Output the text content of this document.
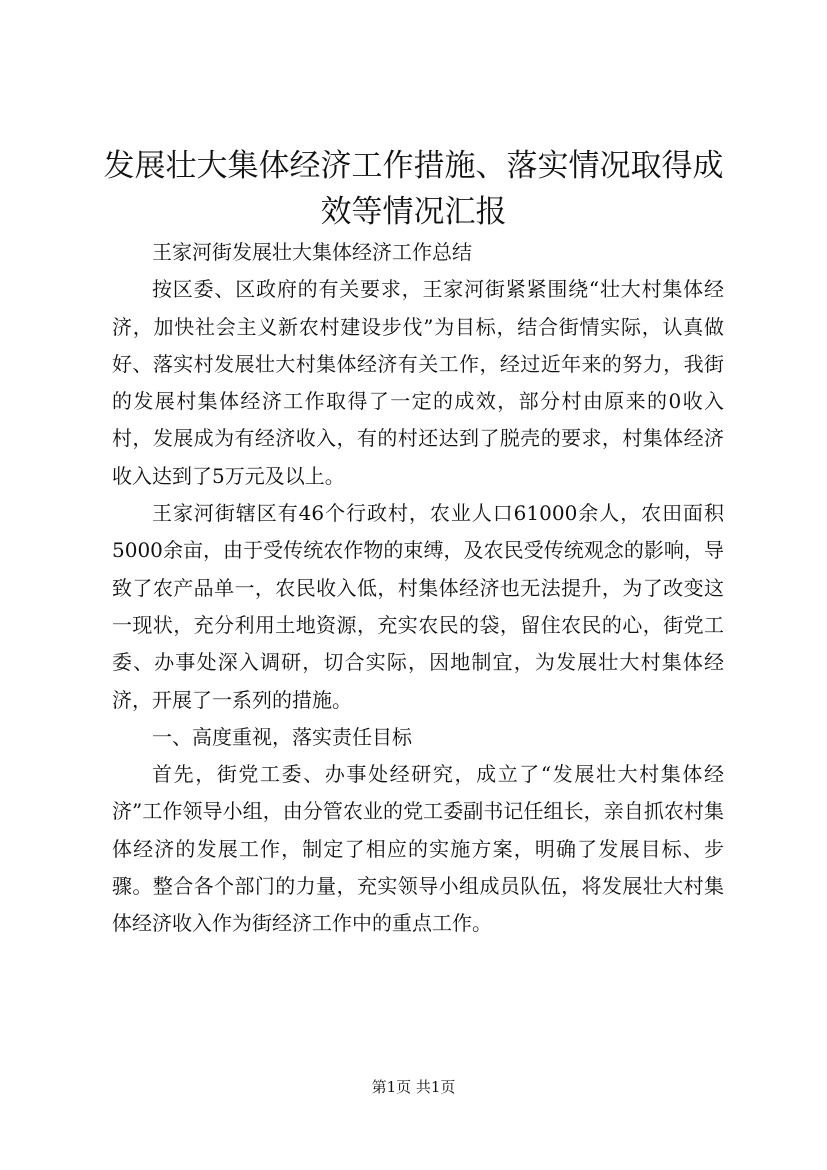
发展壮大集体经济工作措施、落实情况取得成效等情况汇报

王家河街发展壮大集体经济工作总结

按区委、区政府的有关要求，王家河街紧紧围绕“壮大村集体经济，加快社会主义新农村建设步伐”为目标，结合街情实际，认真做好、落实村发展壮大村集体经济有关工作，经过近年来的努力，我街的发展村集体经济工作取得了一定的成效，部分村由原来的0收入村，发展成为有经济收入，有的村还达到了脱壳的要求，村集体经济收入达到了5万元及以上。

王家河街辖区有46个行政村，农业人口61000余人，农田面积5000余亩，由于受传统农作物的束缚，及农民受传统观念的影响，导致了农产品单一，农民收入低，村集体经济也无法提升，为了改变这一现状，充分利用土地资源，充实农民的袋，留住农民的心，街党工委、办事处深入调研，切合实际，因地制宜，为发展壮大村集体经济，开展了一系列的措施。

一、高度重视，落实责任目标

首先，街党工委、办事处经研究，成立了“发展壮大村集体经济”工作领导小组，由分管农业的党工委副书记任组长，亲自抓农村集体经济的发展工作，制定了相应的实施方案，明确了发展目标、步骤。整合各个部门的力量，充实领导小组成员队伍，将发展壮大村集体经济收入作为街经济工作中的重点工作。

第1页 共1页
